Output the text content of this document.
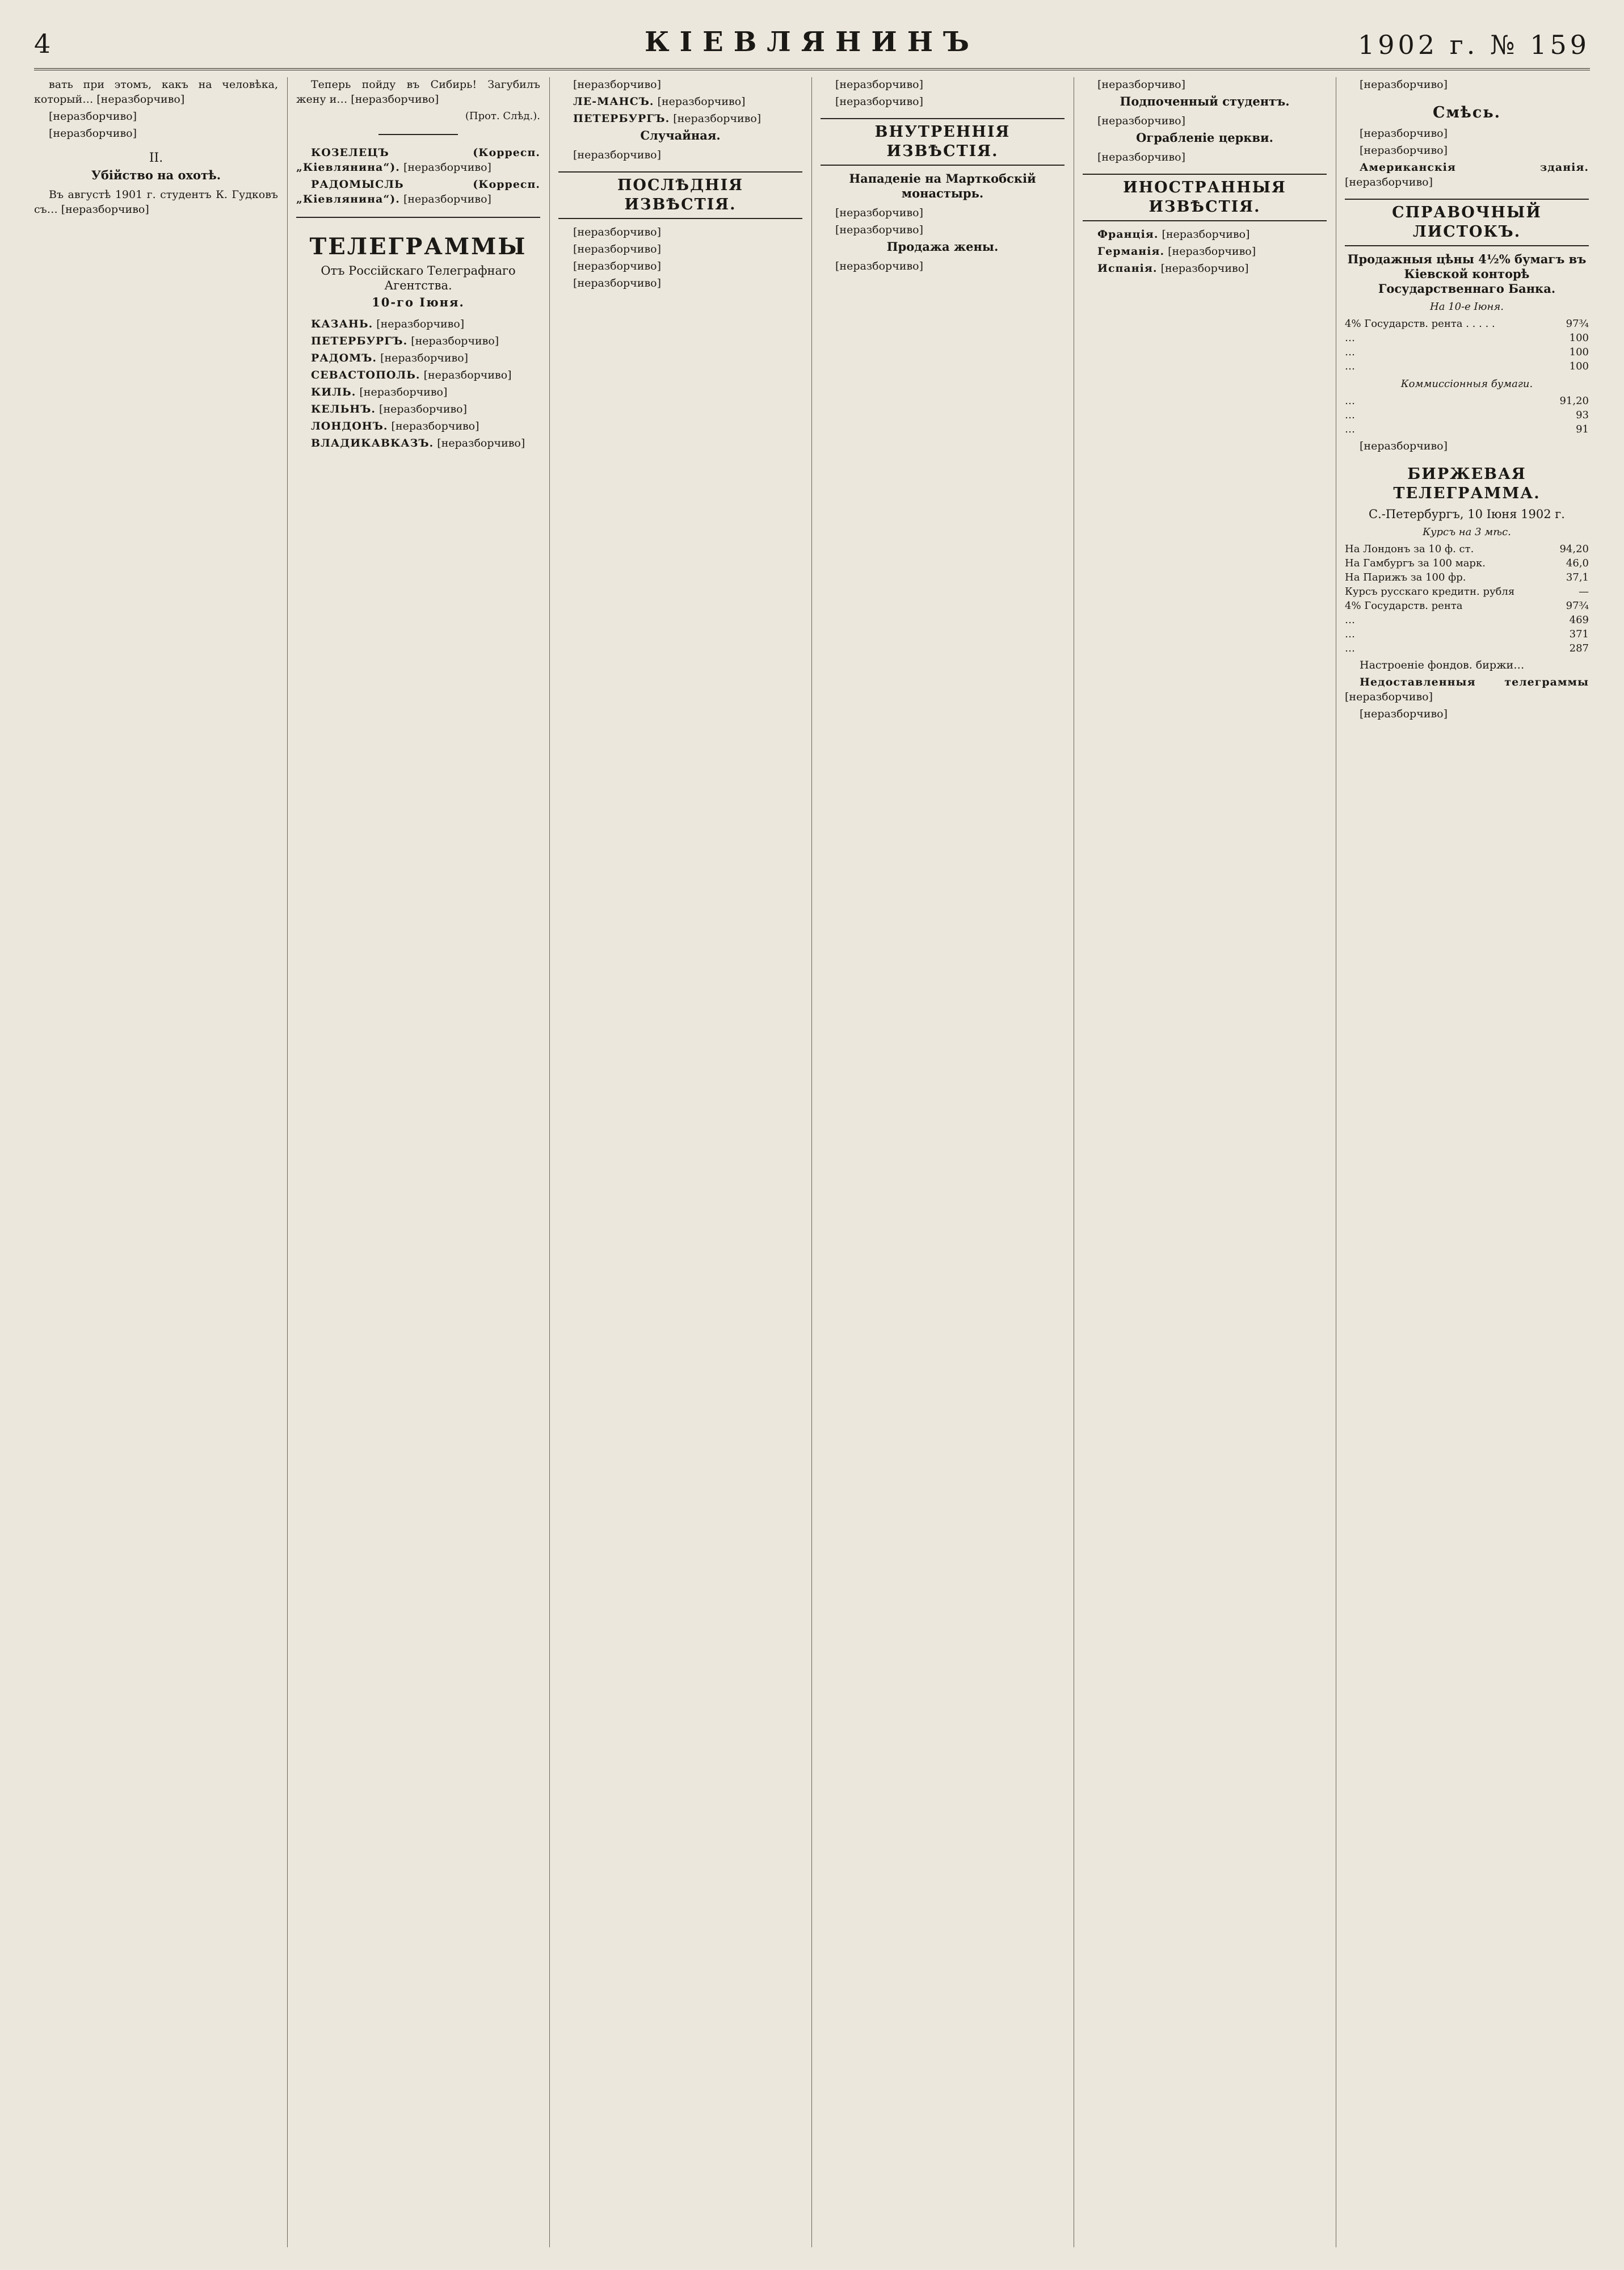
4	КІЕВЛЯНИНЪ	1902 г. № 159

вать при этомъ, какъ на человѣка, который… [неразборчиво]

[неразборчиво]

[неразборчиво]

II.
Убійство на охотѣ.

Въ августѣ 1901 г. студентъ К. Гудковъ съ… [неразборчиво]

Теперь пойду въ Сибирь! Загубилъ жену и… [неразборчиво]

(Прот. Слѣд.).

КОЗЕЛЕЦЪ (Корресп. „Кіевлянина“). [неразборчиво]

РАДОМЫСЛЬ (Корресп. „Кіевлянина“). [неразборчиво]

ТЕЛЕГРАММЫ
Отъ Россійскаго Телеграфнаго Агентства.
10-го Іюня.

КАЗАНЬ. [неразборчиво]

ПЕТЕРБУРГЪ. [неразборчиво]

РАДОМЪ. [неразборчиво]

СЕВАСТОПОЛЬ. [неразборчиво]

КИЛЬ. [неразборчиво]

КЕЛЬНЪ. [неразборчиво]

ЛОНДОНЪ. [неразборчиво]

ВЛАДИКАВКАЗЪ. [неразборчиво]

[неразборчиво]

ЛЕ-МАНСЪ. [неразборчиво]

ПЕТЕРБУРГЪ. [неразборчиво]

Случайная.

[неразборчиво]

ПОСЛѢДНІЯ ИЗВѢСТІЯ.

[неразборчиво]

[неразборчиво]

[неразборчиво]

[неразборчиво]

[неразборчиво]

[неразборчиво]

ВНУТРЕННІЯ ИЗВѢСТІЯ.
Нападеніе на Марткобскій монастырь.

[неразборчиво]

[неразборчиво]

Продажа жены.

[неразборчиво]

[неразборчиво]

Подпоченный студентъ.

[неразборчиво]

Ограбленіе церкви.

[неразборчиво]

ИНОСТРАННЫЯ ИЗВѢСТІЯ.

Франція. [неразборчиво]

Германія. [неразборчиво]

Испанія. [неразборчиво]

[неразборчиво]

Смѣсь.

[неразборчиво]

[неразборчиво]

Американскія зданія. [неразборчиво]

СПРАВОЧНЫЙ ЛИСТОКЪ.
Продажныя цѣны 4½% бумагъ въ Кіевской конторѣ Государственнаго Банка.
На 10-е Іюня.
4% Государств. рента . . . . .	97¾
…	100
…	100
…	100
Коммиссіонныя бумаги.
…	91,20
…	93
…	91

[неразборчиво]

БИРЖЕВАЯ ТЕЛЕГРАММА.
С.-Петербургъ, 10 Іюня 1902 г.
Курсъ на 3 мѣс.
На Лондонъ за 10 ф. ст.	94,20
На Гамбургъ за 100 марк.	46,0
На Парижъ за 100 фр.	37,1
Курсъ русскаго кредитн. рубля	—
4% Государств. рента	97¾
…	469
…	371
…	287

Настроеніе фондов. биржи…

Недоставленныя телеграммы [неразборчиво]

[неразборчиво]
